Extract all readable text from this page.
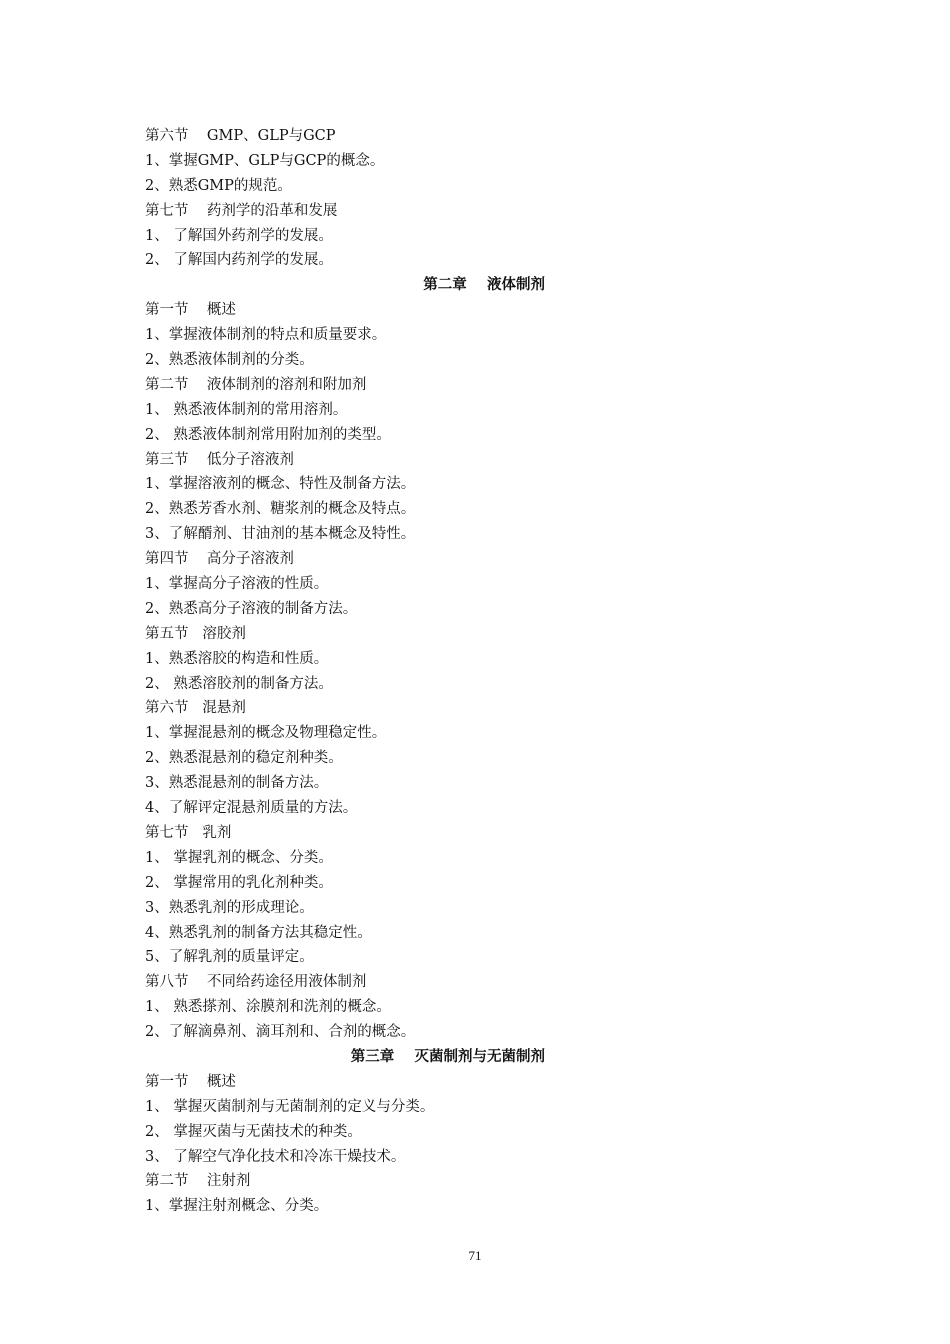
第六节    GMP、GLP与GCP
1、掌握GMP、GLP与GCP的概念。
2、熟悉GMP的规范。
第七节    药剂学的沿革和发展
1、 了解国外药剂学的发展。
2、 了解国内药剂学的发展。
第二章    液体制剂
第一节    概述
1、掌握液体制剂的特点和质量要求。
2、熟悉液体制剂的分类。
第二节    液体制剂的溶剂和附加剂
1、 熟悉液体制剂的常用溶剂。
2、 熟悉液体制剂常用附加剂的类型。
第三节    低分子溶液剂
1、掌握溶液剂的概念、特性及制备方法。
2、熟悉芳香水剂、糖浆剂的概念及特点。
3、了解醑剂、甘油剂的基本概念及特性。
第四节    高分子溶液剂
1、掌握高分子溶液的性质。
2、熟悉高分子溶液的制备方法。
第五节   溶胶剂
1、熟悉溶胶的构造和性质。
2、 熟悉溶胶剂的制备方法。
第六节   混悬剂
1、掌握混悬剂的概念及物理稳定性。
2、熟悉混悬剂的稳定剂种类。
3、熟悉混悬剂的制备方法。
4、了解评定混悬剂质量的方法。
第七节   乳剂
1、 掌握乳剂的概念、分类。
2、 掌握常用的乳化剂种类。
3、熟悉乳剂的形成理论。
4、熟悉乳剂的制备方法其稳定性。
5、了解乳剂的质量评定。
第八节    不同给药途径用液体制剂
1、 熟悉搽剂、涂膜剂和洗剂的概念。
2、了解滴鼻剂、滴耳剂和、合剂的概念。
第三章    灭菌制剂与无菌制剂
第一节    概述
1、 掌握灭菌制剂与无菌制剂的定义与分类。
2、 掌握灭菌与无菌技术的种类。
3、 了解空气净化技术和冷冻干燥技术。
第二节    注射剂
1、掌握注射剂概念、分类。
71
